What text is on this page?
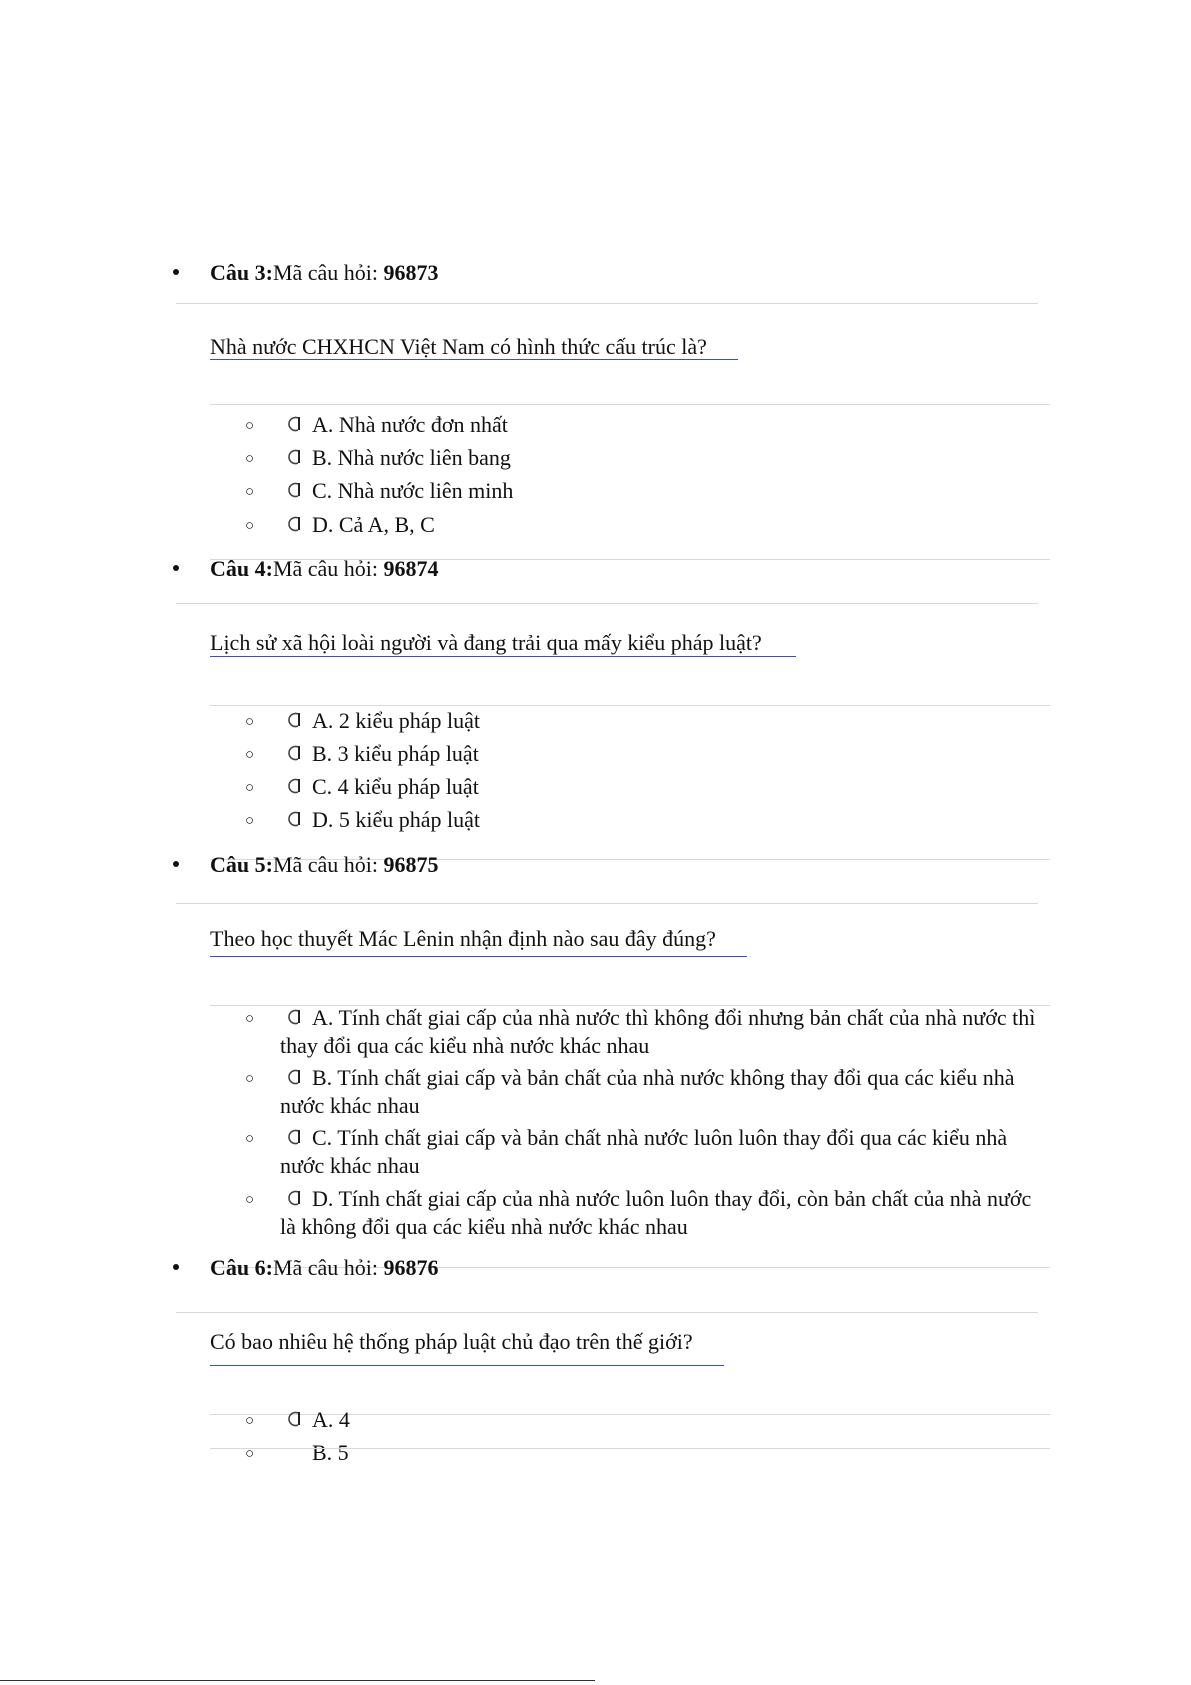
Câu 3:Mã câu hỏi: 96873
Nhà nước CHXHCN Việt Nam có hình thức cấu trúc là?
○	A. Nhà nước đơn nhất
○	B. Nhà nước liên bang
○	C. Nhà nước liên minh
○	D. Cả A, B, C
Câu 4:Mã câu hỏi: 96874
Lịch sử xã hội loài người và đang trải qua mấy kiểu pháp luật?
○	A. 2 kiểu pháp luật
○	B. 3 kiểu pháp luật
○	C. 4 kiểu pháp luật
○	D. 5 kiểu pháp luật
Câu 5:Mã câu hỏi: 96875
Theo học thuyết Mác Lênin nhận định nào sau đây đúng?
○	A. Tính chất giai cấp của nhà nước thì không đổi nhưng bản chất của nhà nước thì thay đổi qua các kiểu nhà nước khác nhau
○	B. Tính chất giai cấp và bản chất của nhà nước không thay đổi qua các kiểu nhà nước khác nhau
○	C. Tính chất giai cấp và bản chất nhà nước luôn luôn thay đổi qua các kiểu nhà nước khác nhau
○	D. Tính chất giai cấp của nhà nước luôn luôn thay đổi, còn bản chất của nhà nước là không đổi qua các kiểu nhà nước khác nhau
Câu 6:Mã câu hỏi: 96876
Có bao nhiêu hệ thống pháp luật chủ đạo trên thế giới?
○	A. 4
○	B. 5
